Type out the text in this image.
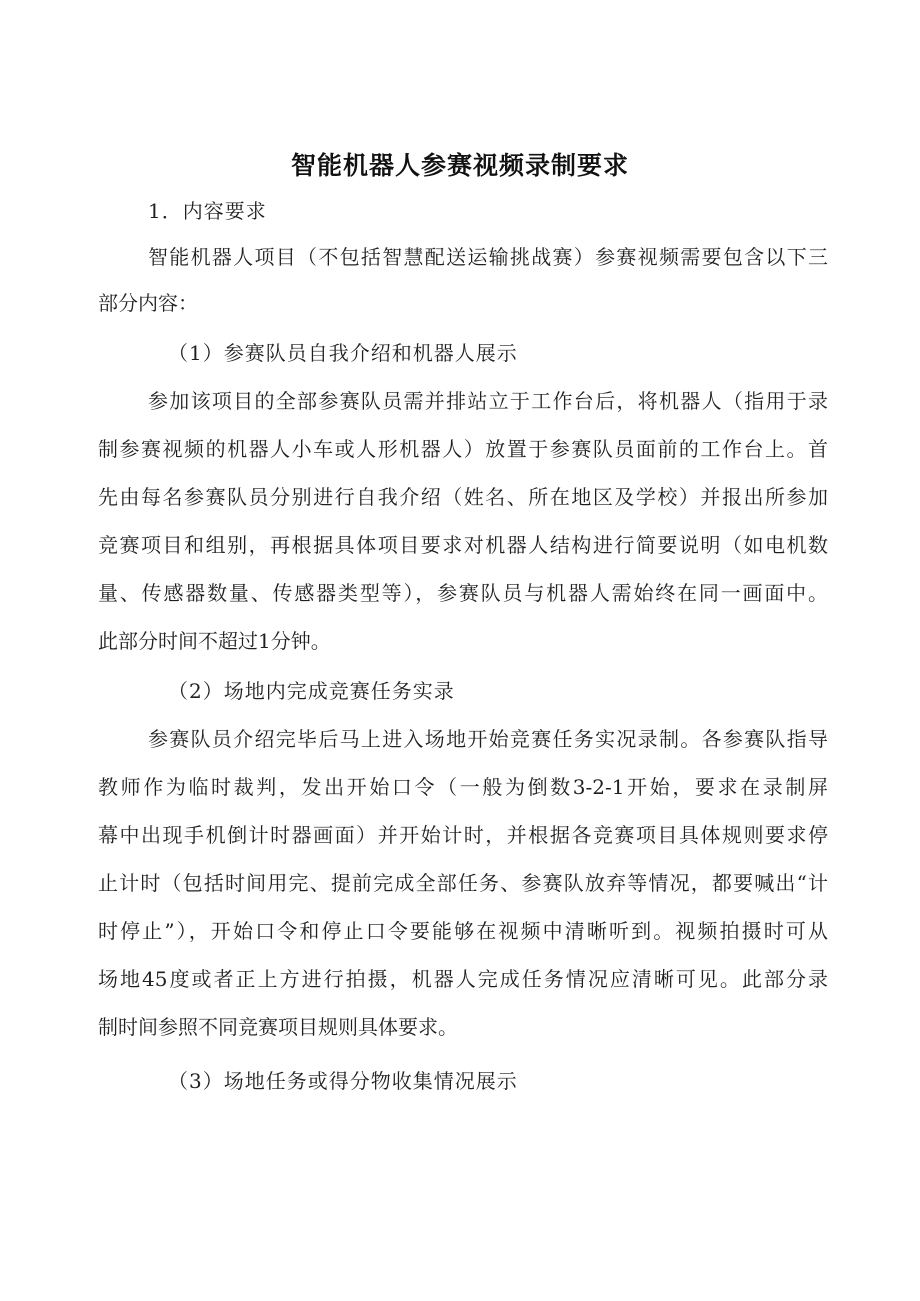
智能机器人参赛视频录制要求
1．内容要求
智能机器人项目（不包括智慧配送运输挑战赛）参赛视频需要包含以下三
部分内容：
（1）参赛队员自我介绍和机器人展示
参加该项目的全部参赛队员需并排站立于工作台后，将机器人（指用于录
制参赛视频的机器人小车或人形机器人）放置于参赛队员面前的工作台上。首
先由每名参赛队员分别进行自我介绍（姓名、所在地区及学校）并报出所参加
竞赛项目和组别，再根据具体项目要求对机器人结构进行简要说明（如电机数
量、传感器数量、传感器类型等），参赛队员与机器人需始终在同一画面中。
此部分时间不超过1分钟。
（2）场地内完成竞赛任务实录
参赛队员介绍完毕后马上进入场地开始竞赛任务实况录制。各参赛队指导
教师作为临时裁判，发出开始口令（一般为倒数3-2-1开始，要求在录制屏
幕中出现手机倒计时器画面）并开始计时，并根据各竞赛项目具体规则要求停
止计时（包括时间用完、提前完成全部任务、参赛队放弃等情况，都要喊出“计
时停止”），开始口令和停止口令要能够在视频中清晰听到。视频拍摄时可从
场地45度或者正上方进行拍摄，机器人完成任务情况应清晰可见。此部分录
制时间参照不同竞赛项目规则具体要求。
（3）场地任务或得分物收集情况展示
